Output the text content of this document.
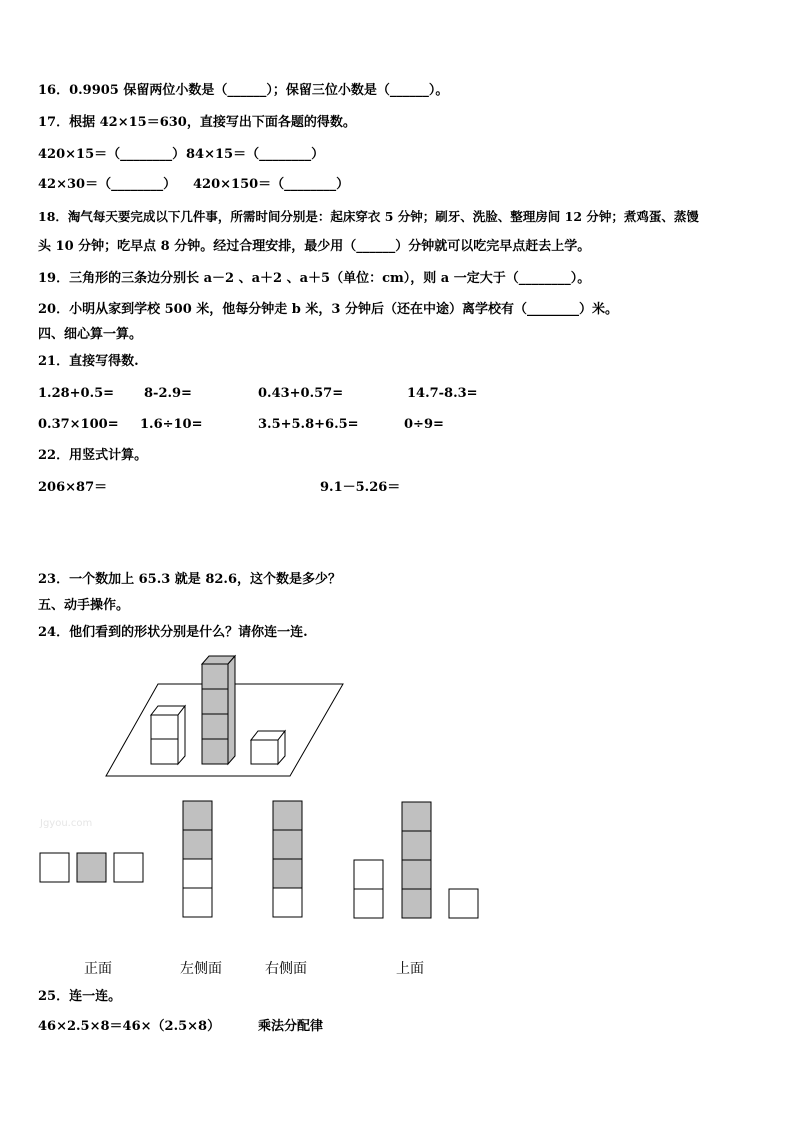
16．0.9905 保留两位小数是（______）；保留三位小数是（______）。
17．根据 42×15＝630，直接写出下面各题的得数。
420×15＝（________） 84×15＝（________）
42×30＝（________） 420×150＝（________）
18．淘气每天要完成以下几件事，所需时间分别是：起床穿衣 5 分钟；刷牙、洗脸、整理房间 12 分钟；煮鸡蛋、蒸馒
头 10 分钟；吃早点 8 分钟。经过合理安排，最少用（______）分钟就可以吃完早点赶去上学。
19．三角形的三条边分别长 a－2 、a＋2 、a＋5（单位：cm），则 a 一定大于（________）。
20．小明从家到学校 500 米，他每分钟走 b 米，3 分钟后（还在中途）离学校有（________）米。
四、细心算一算。
21．直接写得数.
1.28+0.5= 8-2.9=	0.43+0.57=	14.7-8.3=
0.37×100= 1.6÷10=	3.5+5.8+6.5=	0÷9=
22．用竖式计算。
206×87＝	9.1－5.26＝
23．一个数加上 65.3 就是 82.6，这个数是多少？
五、动手操作。
24．他们看到的形状分别是什么？请你连一连.
Jgyou.com
正面	左侧面	右侧面	上面
25．连一连。
46×2.5×8＝46×（2.5×8）	乘法分配律
